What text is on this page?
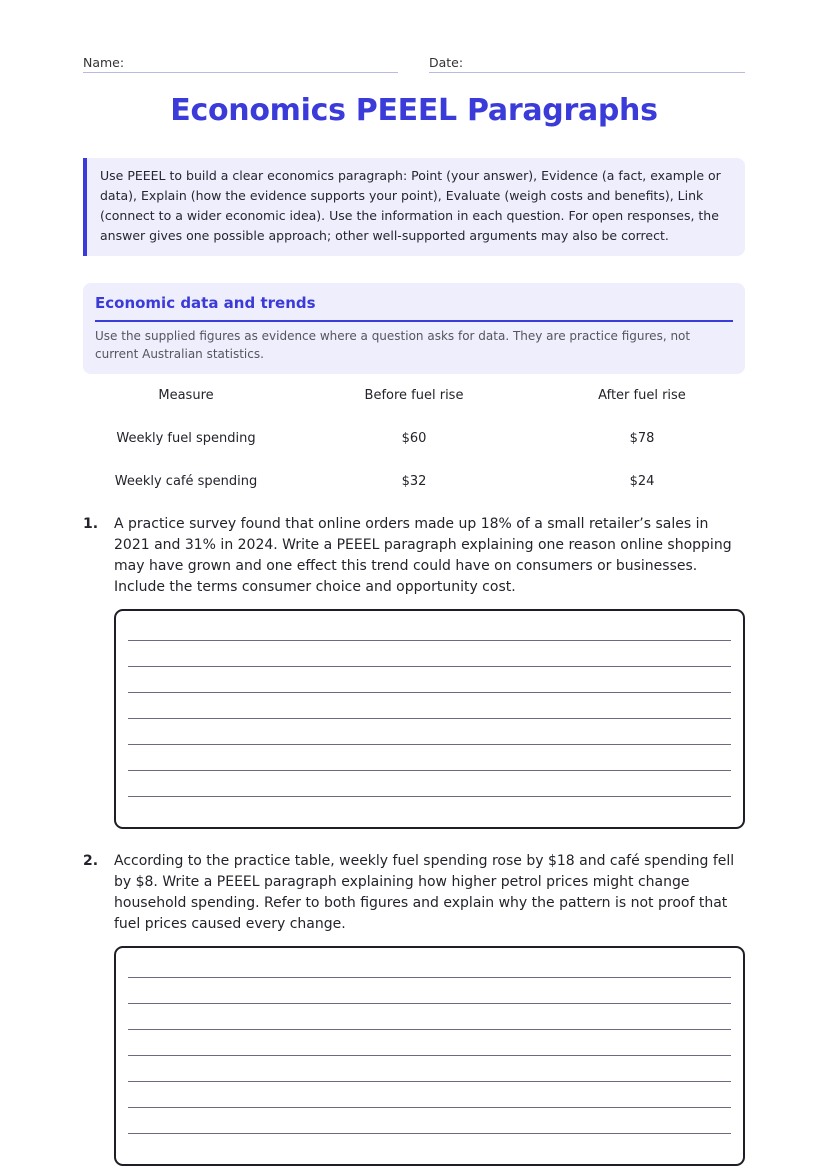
Name:	Date:
Economics PEEEL Paragraphs
Use PEEEL to build a clear economics paragraph: Point (your answer), Evidence (a fact, example or data), Explain (how the evidence supports your point), Evaluate (weigh costs and benefits), Link (connect to a wider economic idea). Use the information in each question. For open responses, the answer gives one possible approach; other well-supported arguments may also be correct.
Economic data and trends
Use the supplied figures as evidence where a question asks for data. They are practice figures, not current Australian statistics.
Measure	Before fuel rise	After fuel rise
Weekly fuel spending	$60	$78
Weekly café spending	$32	$24
1. A practice survey found that online orders made up 18% of a small retailer’s sales in 2021 and 31% in 2024. Write a PEEEL paragraph explaining one reason online shopping may have grown and one effect this trend could have on consumers or businesses. Include the terms consumer choice and opportunity cost.
2. According to the practice table, weekly fuel spending rose by $18 and café spending fell by $8. Write a PEEEL paragraph explaining how higher petrol prices might change household spending. Refer to both figures and explain why the pattern is not proof that fuel prices caused every change.
